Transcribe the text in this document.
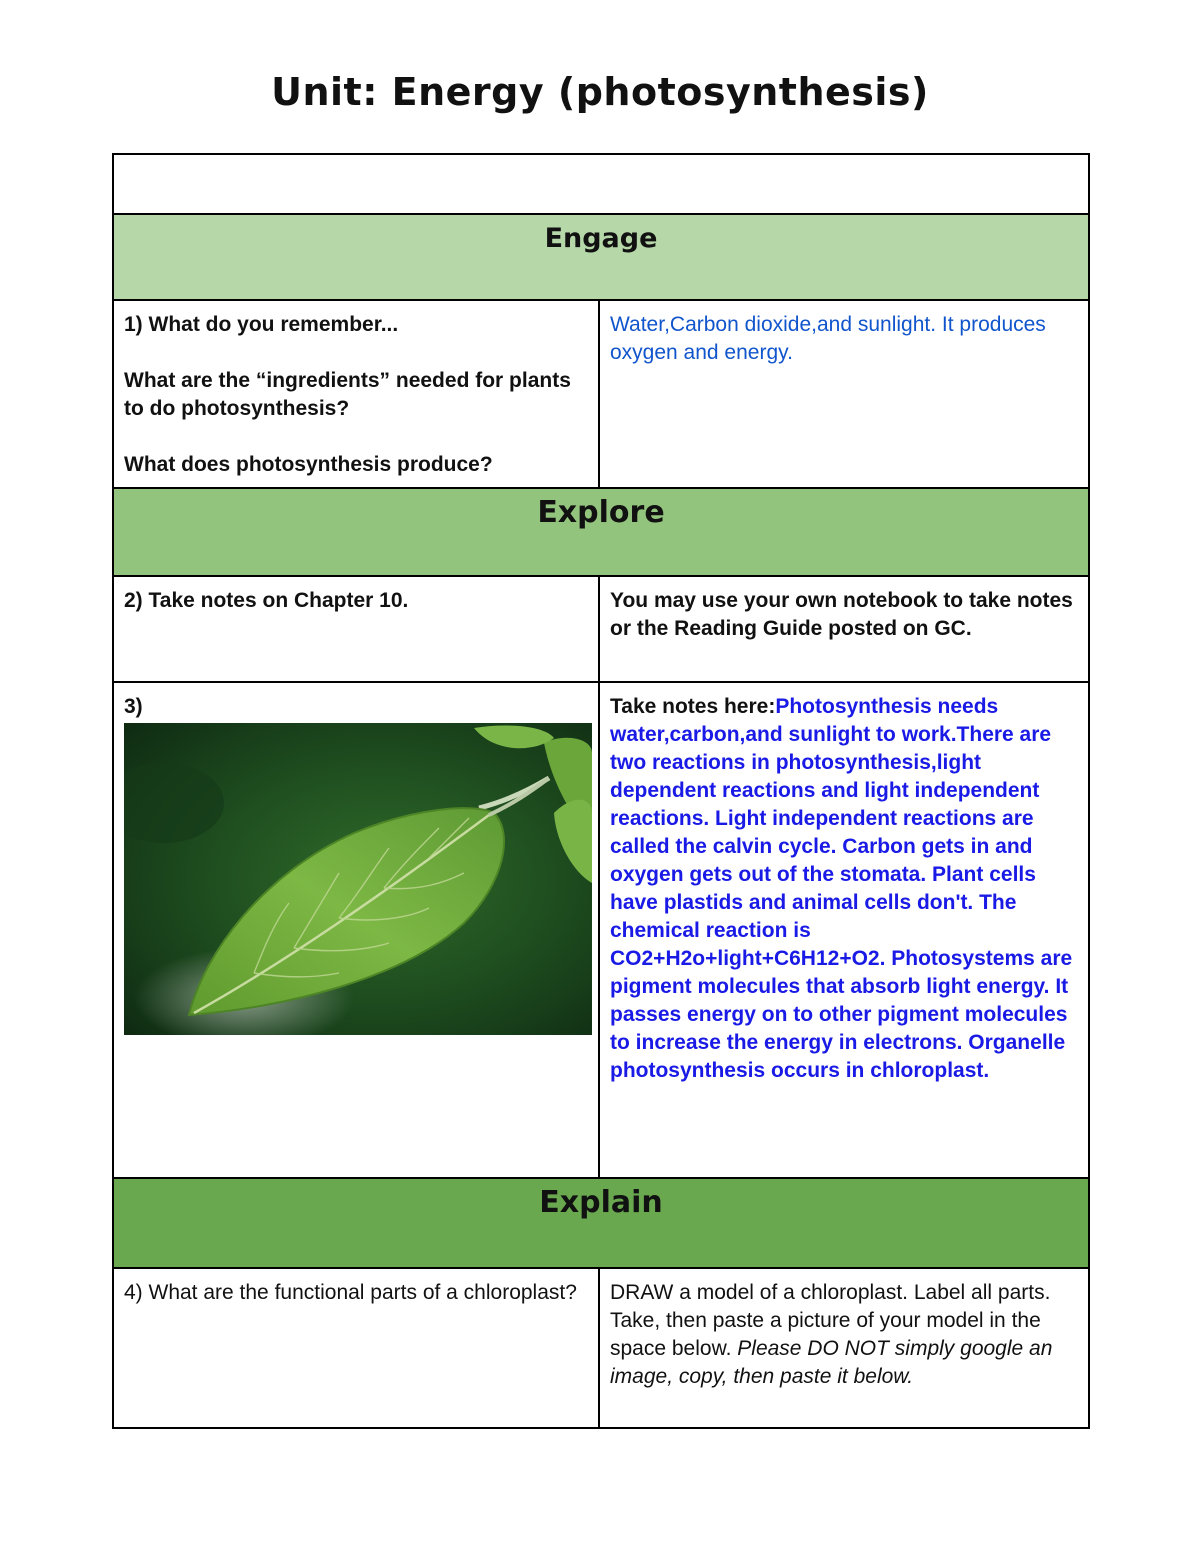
Unit: Energy (photosynthesis)

Engage	

1) What do you remember...
What are the “ingredients” needed for plants to do photosynthesis?
What does photosynthesis produce?	Water,Carbon dioxide,and sunlight. It produces oxygen and energy.

Explore	

2) Take notes on Chapter 10.	You may use your own notebook to take notes or the Reading Guide posted on GC.

3)	Take notes here:Photosynthesis needs water,carbon,and sunlight to work.There are two reactions in photosynthesis,light dependent reactions and light independent reactions. Light independent reactions are called the calvin cycle. Carbon gets in and oxygen gets out of the stomata. Plant cells have plastids and animal cells don't. The chemical reaction is CO2+H2o+light+C6H12+O2. Photosystems are pigment molecules that absorb light energy. It passes energy on to other pigment molecules to increase the energy in electrons. Organelle photosynthesis occurs in chloroplast.

Explain	

4) What are the functional parts of a chloroplast?	DRAW a model of a chloroplast. Label all parts. Take, then paste a picture of your model in the space below. Please DO NOT simply google an image, copy, then paste it below.
